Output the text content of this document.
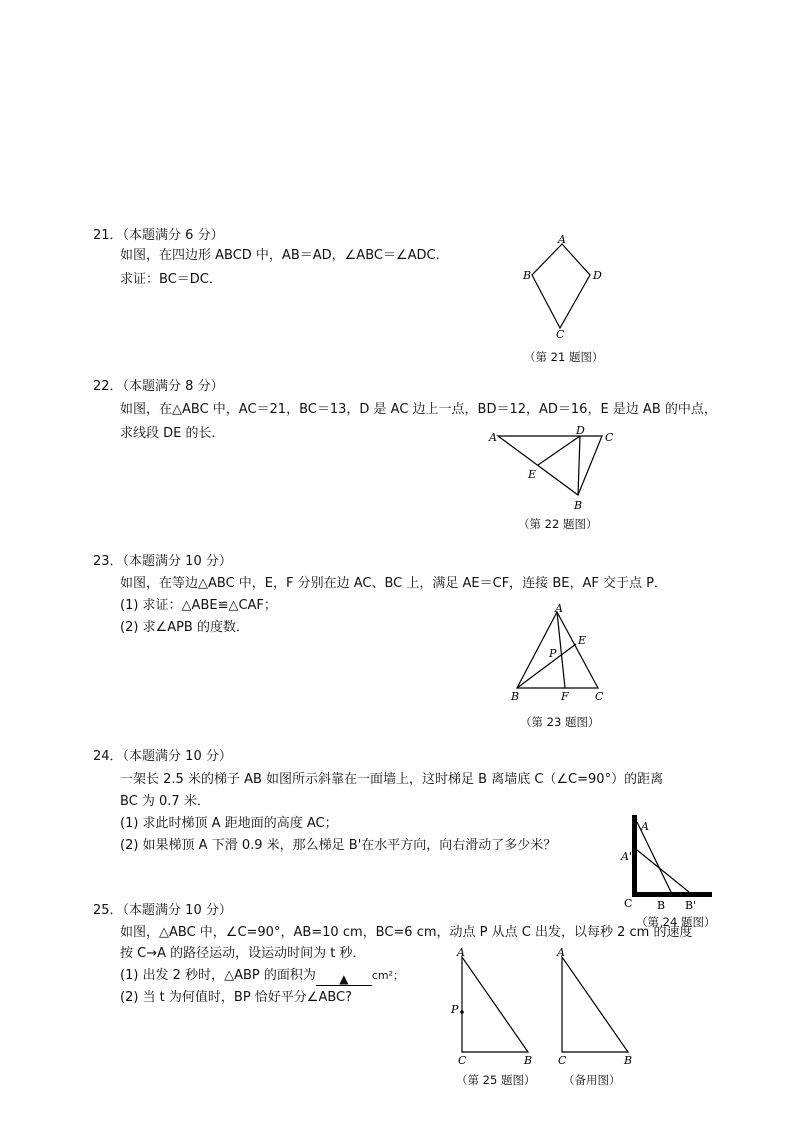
21．（本题满分 6 分）
如图，在四边形 ABCD 中，AB＝AD，∠ABC＝∠ADC．
求证：BC＝DC．
A
B
C
D
（第 21 题图）
22．（本题满分 8 分）
如图，在△ABC 中，AC＝21，BC＝13，D 是 AC 边上一点，BD＝12，AD＝16，E 是边 AB 的中点，
求线段 DE 的长．	A	C
D
E
B
（第 22 题图）
23．（本题满分 10 分）
如图，在等边△ABC 中，E，F 分别在边 AC、BC 上，满足 AE＝CF，连接 BE，AF 交于点 P．
(1) 求证：△ABE≌△CAF；
(2) 求∠APB 的度数．
A
E
P
B	F C
（第 23 题图）
24．（本题满分 10 分）
一架长 2.5 米的梯子 AB 如图所示斜靠在一面墙上，这时梯足 B 离墙底 C（∠C=90°）的距离
BC 为 0.7 米．
(1) 求此时梯顶 A 距地面的高度 AC；
(2) 如果梯顶 A 下滑 0.9 米，那么梯足 B'在水平方向，向右滑动了多少米？
A
A'
C B B'
（第 24 题图）
25．（本题满分 10 分）
如图，△ABC 中，∠C=90°，AB=10 cm，BC=6 cm，动点 P 从点 C 出发，以每秒 2 cm 的速度
按 C→A 的路径运动，设运动时间为 t 秒．
(1) 出发 2 秒时，△ABP 的面积为 ▲ cm²；
(2) 当 t 为何值时，BP 恰好平分∠ABC?
A
P
C	B
（第 25 题图）
A
C	B
（备用图）
